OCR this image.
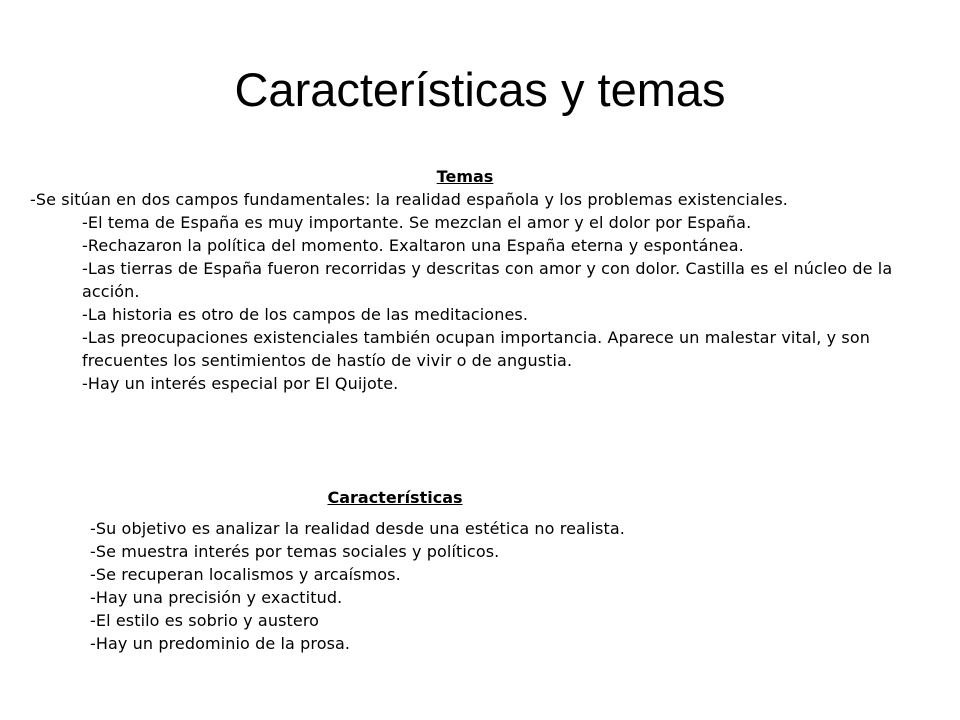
Características y temas
Temas

-Se sitúan en dos campos fundamentales: la realidad española y los problemas existenciales.

-El tema de España es muy importante. Se mezclan el amor y el dolor por España.
-Rechazaron la política del momento. Exaltaron una España eterna y espontánea.
-Las tierras de España fueron recorridas y descritas con amor y con dolor. Castilla es el núcleo de la acción.
-La historia es otro de los campos de las meditaciones.
-Las preocupaciones existenciales también ocupan importancia. Aparece un malestar vital, y son frecuentes los sentimientos de hastío de vivir o de angustia.
-Hay un interés especial por El Quijote.
Características
-Su objetivo es analizar la realidad desde una estética no realista.
-Se muestra interés por temas sociales y políticos.
-Se recuperan localismos y arcaísmos.
-Hay una precisión y exactitud.
-El estilo es sobrio y austero
-Hay un predominio de la prosa.
